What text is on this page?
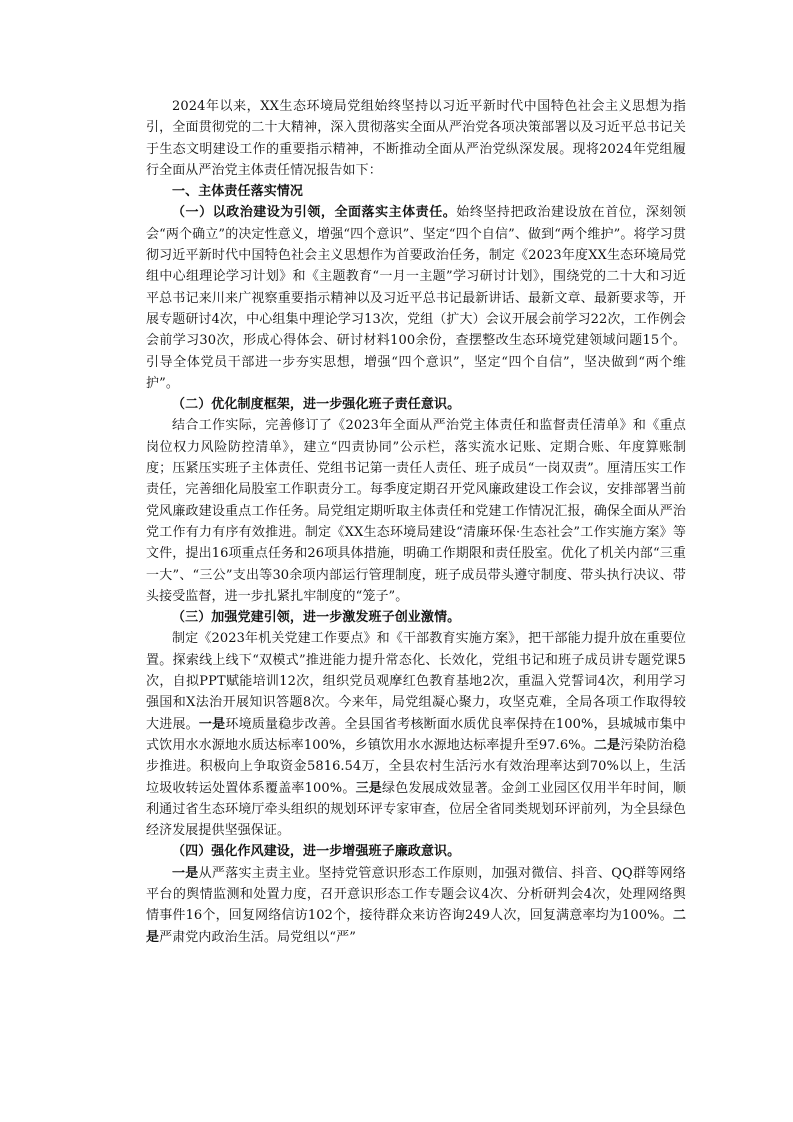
2024年以来，XX生态环境局党组始终坚持以习近平新时代中国特色社会主义思想为指引，全面贯彻党的二十大精神，深入贯彻落实全面从严治党各项决策部署以及习近平总书记关于生态文明建设工作的重要指示精神，不断推动全面从严治党纵深发展。现将2024年党组履行全面从严治党主体责任情况报告如下：

一、主体责任落实情况

（一）以政治建设为引领，全面落实主体责任。始终坚持把政治建设放在首位，深刻领会“两个确立”的决定性意义，增强“四个意识”、坚定“四个自信”、做到“两个维护”。将学习贯彻习近平新时代中国特色社会主义思想作为首要政治任务，制定《2023年度XX生态环境局党组中心组理论学习计划》和《主题教育“一月一主题”学习研讨计划》，围绕党的二十大和习近平总书记来川来广视察重要指示精神以及习近平总书记最新讲话、最新文章、最新要求等，开展专题研讨4次，中心组集中理论学习13次，党组（扩大）会议开展会前学习22次，工作例会会前学习30次，形成心得体会、研讨材料100余份，查摆整改生态环境党建领域问题15个。引导全体党员干部进一步夯实思想，增强“四个意识”，坚定“四个自信”，坚决做到“两个维护”。

（二）优化制度框架，进一步强化班子责任意识。

结合工作实际，完善修订了《2023年全面从严治党主体责任和监督责任清单》和《重点岗位权力风险防控清单》，建立“四责协同”公示栏，落实流水记账、定期合账、年度算账制度；压紧压实班子主体责任、党组书记第一责任人责任、班子成员“一岗双责”。厘清压实工作责任，完善细化局股室工作职责分工。每季度定期召开党风廉政建设工作会议，安排部署当前党风廉政建设重点工作任务。局党组定期听取主体责任和党建工作情况汇报，确保全面从严治党工作有力有序有效推进。制定《XX生态环境局建设“清廉环保·生态社会”工作实施方案》等文件，提出16项重点任务和26项具体措施，明确工作期限和责任股室。优化了机关内部“三重一大”、“三公”支出等30余项内部运行管理制度，班子成员带头遵守制度、带头执行决议、带头接受监督，进一步扎紧扎牢制度的“笼子”。

（三）加强党建引领，进一步激发班子创业激情。

制定《2023年机关党建工作要点》和《干部教育实施方案》，把干部能力提升放在重要位置。探索线上线下“双模式”推进能力提升常态化、长效化，党组书记和班子成员讲专题党课5次，自拟PPT赋能培训12次，组织党员观摩红色教育基地2次，重温入党誓词4次，利用学习强国和X法治开展知识答题8次。今来年，局党组凝心聚力，攻坚克难，全局各项工作取得较大进展。一是环境质量稳步改善。全县国省考核断面水质优良率保持在100%，县城城市集中式饮用水水源地水质达标率100%，乡镇饮用水水源地达标率提升至97.6%。二是污染防治稳步推进。积极向上争取资金5816.54万，全县农村生活污水有效治理率达到70%以上，生活垃圾收转运处置体系覆盖率100%。三是绿色发展成效显著。金剑工业园区仅用半年时间，顺利通过省生态环境厅牵头组织的规划环评专家审查，位居全省同类规划环评前列，为全县绿色经济发展提供坚强保证。

（四）强化作风建设，进一步增强班子廉政意识。

一是从严落实主责主业。坚持党管意识形态工作原则，加强对微信、抖音、QQ群等网络平台的舆情监测和处置力度，召开意识形态工作专题会议4次、分析研判会4次，处理网络舆情事件16个，回复网络信访102个，接待群众来访咨询249人次，回复满意率均为100%。二是严肃党内政治生活。局党组以“严”
